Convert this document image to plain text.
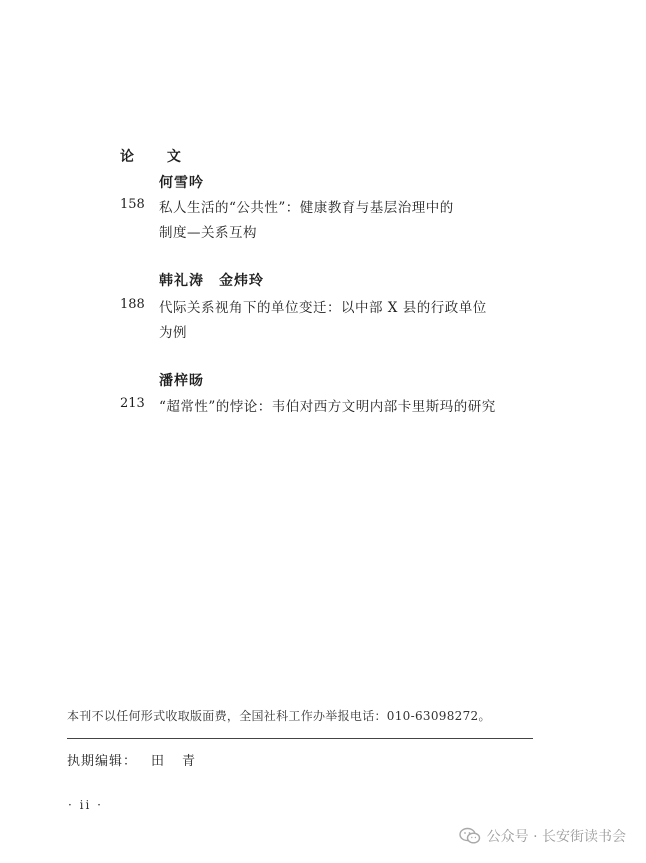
论 文
何雪吟
158 私人生活的“公共性”：健康教育与基层治理中的
制度—关系互构
韩礼涛　金炜玲
188 代际关系视角下的单位变迁：以中部 X 县的行政单位
为例
潘梓旸
213 “超常性”的悖论：韦伯对西方文明内部卡里斯玛的研究
本刊不以任何形式收取版面费，全国社科工作办举报电话：010-63098272。
执期编辑： 田青
· ii ·
公众号 · 长安街读书会
